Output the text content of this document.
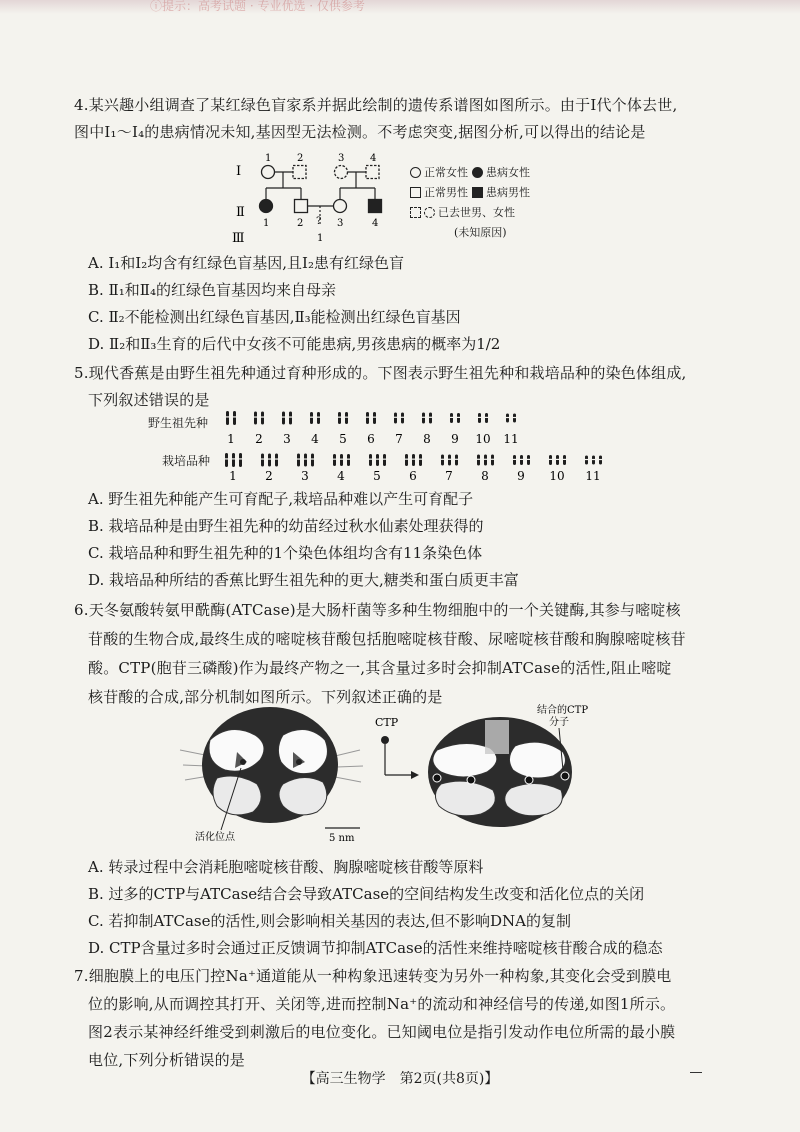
ⓘ提示：高考试题 · 专业优选 · 仅供参考
4.某兴趣小组调查了某红绿色盲家系并据此绘制的遗传系谱图如图所示。由于Ⅰ代个体去世,
图中Ⅰ₁～Ⅰ₄的患病情况未知,基因型无法检测。不考虑突变,据图分析,可以得出的结论是
Ⅰ
Ⅱ
Ⅲ
1	2	3	4
1	2	3	4
?
1
正常女性 患病女性
正常男性 患病男性
已去世男、女性
(未知原因)
A. Ⅰ₁和Ⅰ₂均含有红绿色盲基因,且Ⅰ₂患有红绿色盲
B. Ⅱ₁和Ⅱ₄的红绿色盲基因均来自母亲
C. Ⅱ₂不能检测出红绿色盲基因,Ⅱ₃能检测出红绿色盲基因
D. Ⅱ₂和Ⅱ₃生育的后代中女孩不可能患病,男孩患病的概率为1/2
5.现代香蕉是由野生祖先种通过育种形成的。下图表示野生祖先种和栽培品种的染色体组成,
下列叙述错误的是
野生祖先种
栽培品种
1 2 3 4 5 6 7 8 9 10 11
1 2 3 4 5 6 7 8 9 10 11
A. 野生祖先种能产生可育配子,栽培品种难以产生可育配子
B. 栽培品种是由野生祖先种的幼苗经过秋水仙素处理获得的
C. 栽培品种和野生祖先种的1个染色体组均含有11条染色体
D. 栽培品种所结的香蕉比野生祖先种的更大,糖类和蛋白质更丰富
6.天冬氨酸转氨甲酰酶(ATCase)是大肠杆菌等多种生物细胞中的一个关键酶,其参与嘧啶核
苷酸的生物合成,最终生成的嘧啶核苷酸包括胞嘧啶核苷酸、尿嘧啶核苷酸和胸腺嘧啶核苷
酸。CTP(胞苷三磷酸)作为最终产物之一,其含量过多时会抑制ATCase的活性,阻止嘧啶
核苷酸的合成,部分机制如图所示。下列叙述正确的是
活化位点	5 nm
CTP
结合的CTP
分子
A. 转录过程中会消耗胞嘧啶核苷酸、胸腺嘧啶核苷酸等原料
B. 过多的CTP与ATCase结合会导致ATCase的空间结构发生改变和活化位点的关闭
C. 若抑制ATCase的活性,则会影响相关基因的表达,但不影响DNA的复制
D. CTP含量过多时会通过正反馈调节抑制ATCase的活性来维持嘧啶核苷酸合成的稳态
7.细胞膜上的电压门控Na⁺通道能从一种构象迅速转变为另外一种构象,其变化会受到膜电
位的影响,从而调控其打开、关闭等,进而控制Na⁺的流动和神经信号的传递,如图1所示。
图2表示某神经纤维受到刺激后的电位变化。已知阈电位是指引发动作电位所需的最小膜
电位,下列分析错误的是
【高三生物学　第2页(共8页)】
